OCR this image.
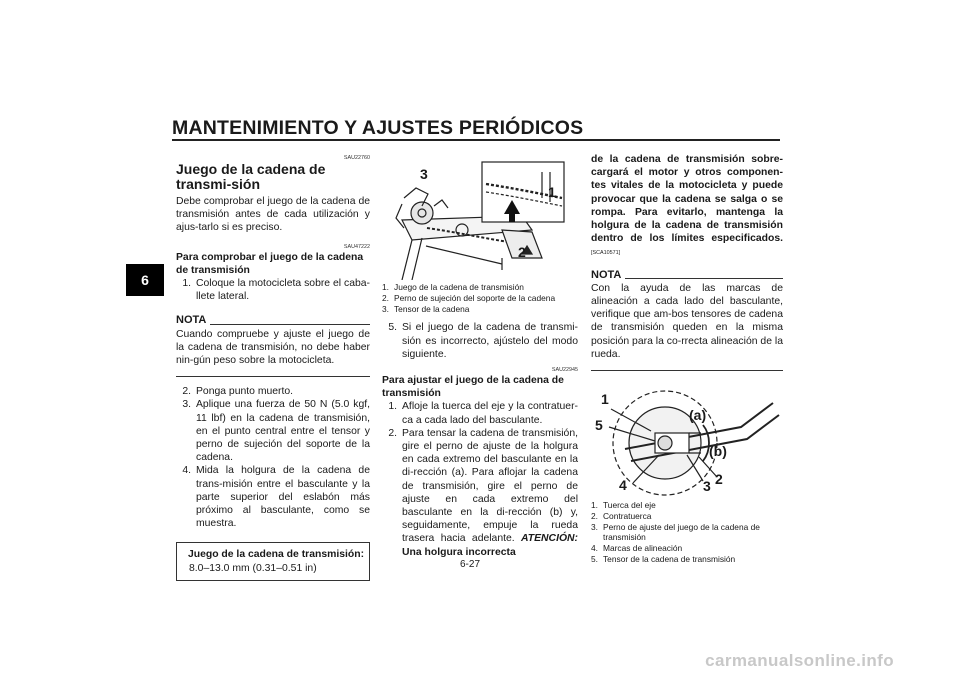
MANTENIMIENTO Y AJUSTES PERIÓDICOS
6
SAU22760
Juego de la cadena de transmi-sión

Debe comprobar el juego de la cadena de transmisión antes de cada utilización y ajus-tarlo si es preciso.

SAU47222
Para comprobar el juego de la cadena de transmisión
1. Coloque la motocicleta sobre el caba-llete lateral.
NOTA

Cuando compruebe y ajuste el juego de la cadena de transmisión, no debe haber nin-gún peso sobre la motocicleta.

2. Ponga punto muerto.
3. Aplique una fuerza de 50 N (5.0 kgf, 11 lbf) en la cadena de transmisión, en el punto central entre el tensor y perno de sujeción del soporte de la cadena.
4. Mida la holgura de la cadena de trans-misión entre el basculante y la parte superior del eslabón más próximo al basculante, como se muestra.
Juego de la cadena de transmisión:
8.0–13.0 mm (0.31–0.51 in)
3
1
2
1. Juego de la cadena de transmisión
2. Perno de sujeción del soporte de la cadena
3. Tensor de la cadena
5. Si el juego de la cadena de transmi-sión es incorrecto, ajústelo del modo siguiente.
SAU22945
Para ajustar el juego de la cadena de transmisión
1. Afloje la tuerca del eje y la contratuer-ca a cada lado del basculante.
2. Para tensar la cadena de transmisión, gire el perno de ajuste de la holgura en cada extremo del basculante en la di-rección (a). Para aflojar la cadena de transmisión, gire el perno de ajuste en cada extremo del basculante en la di-rección (b) y, seguidamente, empuje la rueda trasera hacia adelante. ATENCIÓN: Una holgura incorrecta

de la cadena de transmisión sobre-cargará el motor y otros componen-tes vitales de la motocicleta y puede provocar que la cadena se salga o se rompa. Para evitarlo, mantenga la holgura de la cadena de transmisión dentro de los límites especificados. [SCA10571]

NOTA

Con la ayuda de las marcas de alineación a cada lado del basculante, verifique que am-bos tensores de cadena de transmisión queden en la misma posición para la co-rrecta alineación de la rueda.

1
5
4	3 2
(a)
(b)
1. Tuerca del eje
2. Contratuerca
3. Perno de ajuste del juego de la cadena de transmisión
4. Marcas de alineación
5. Tensor de la cadena de transmisión
6-27
carmanualsonline.info
